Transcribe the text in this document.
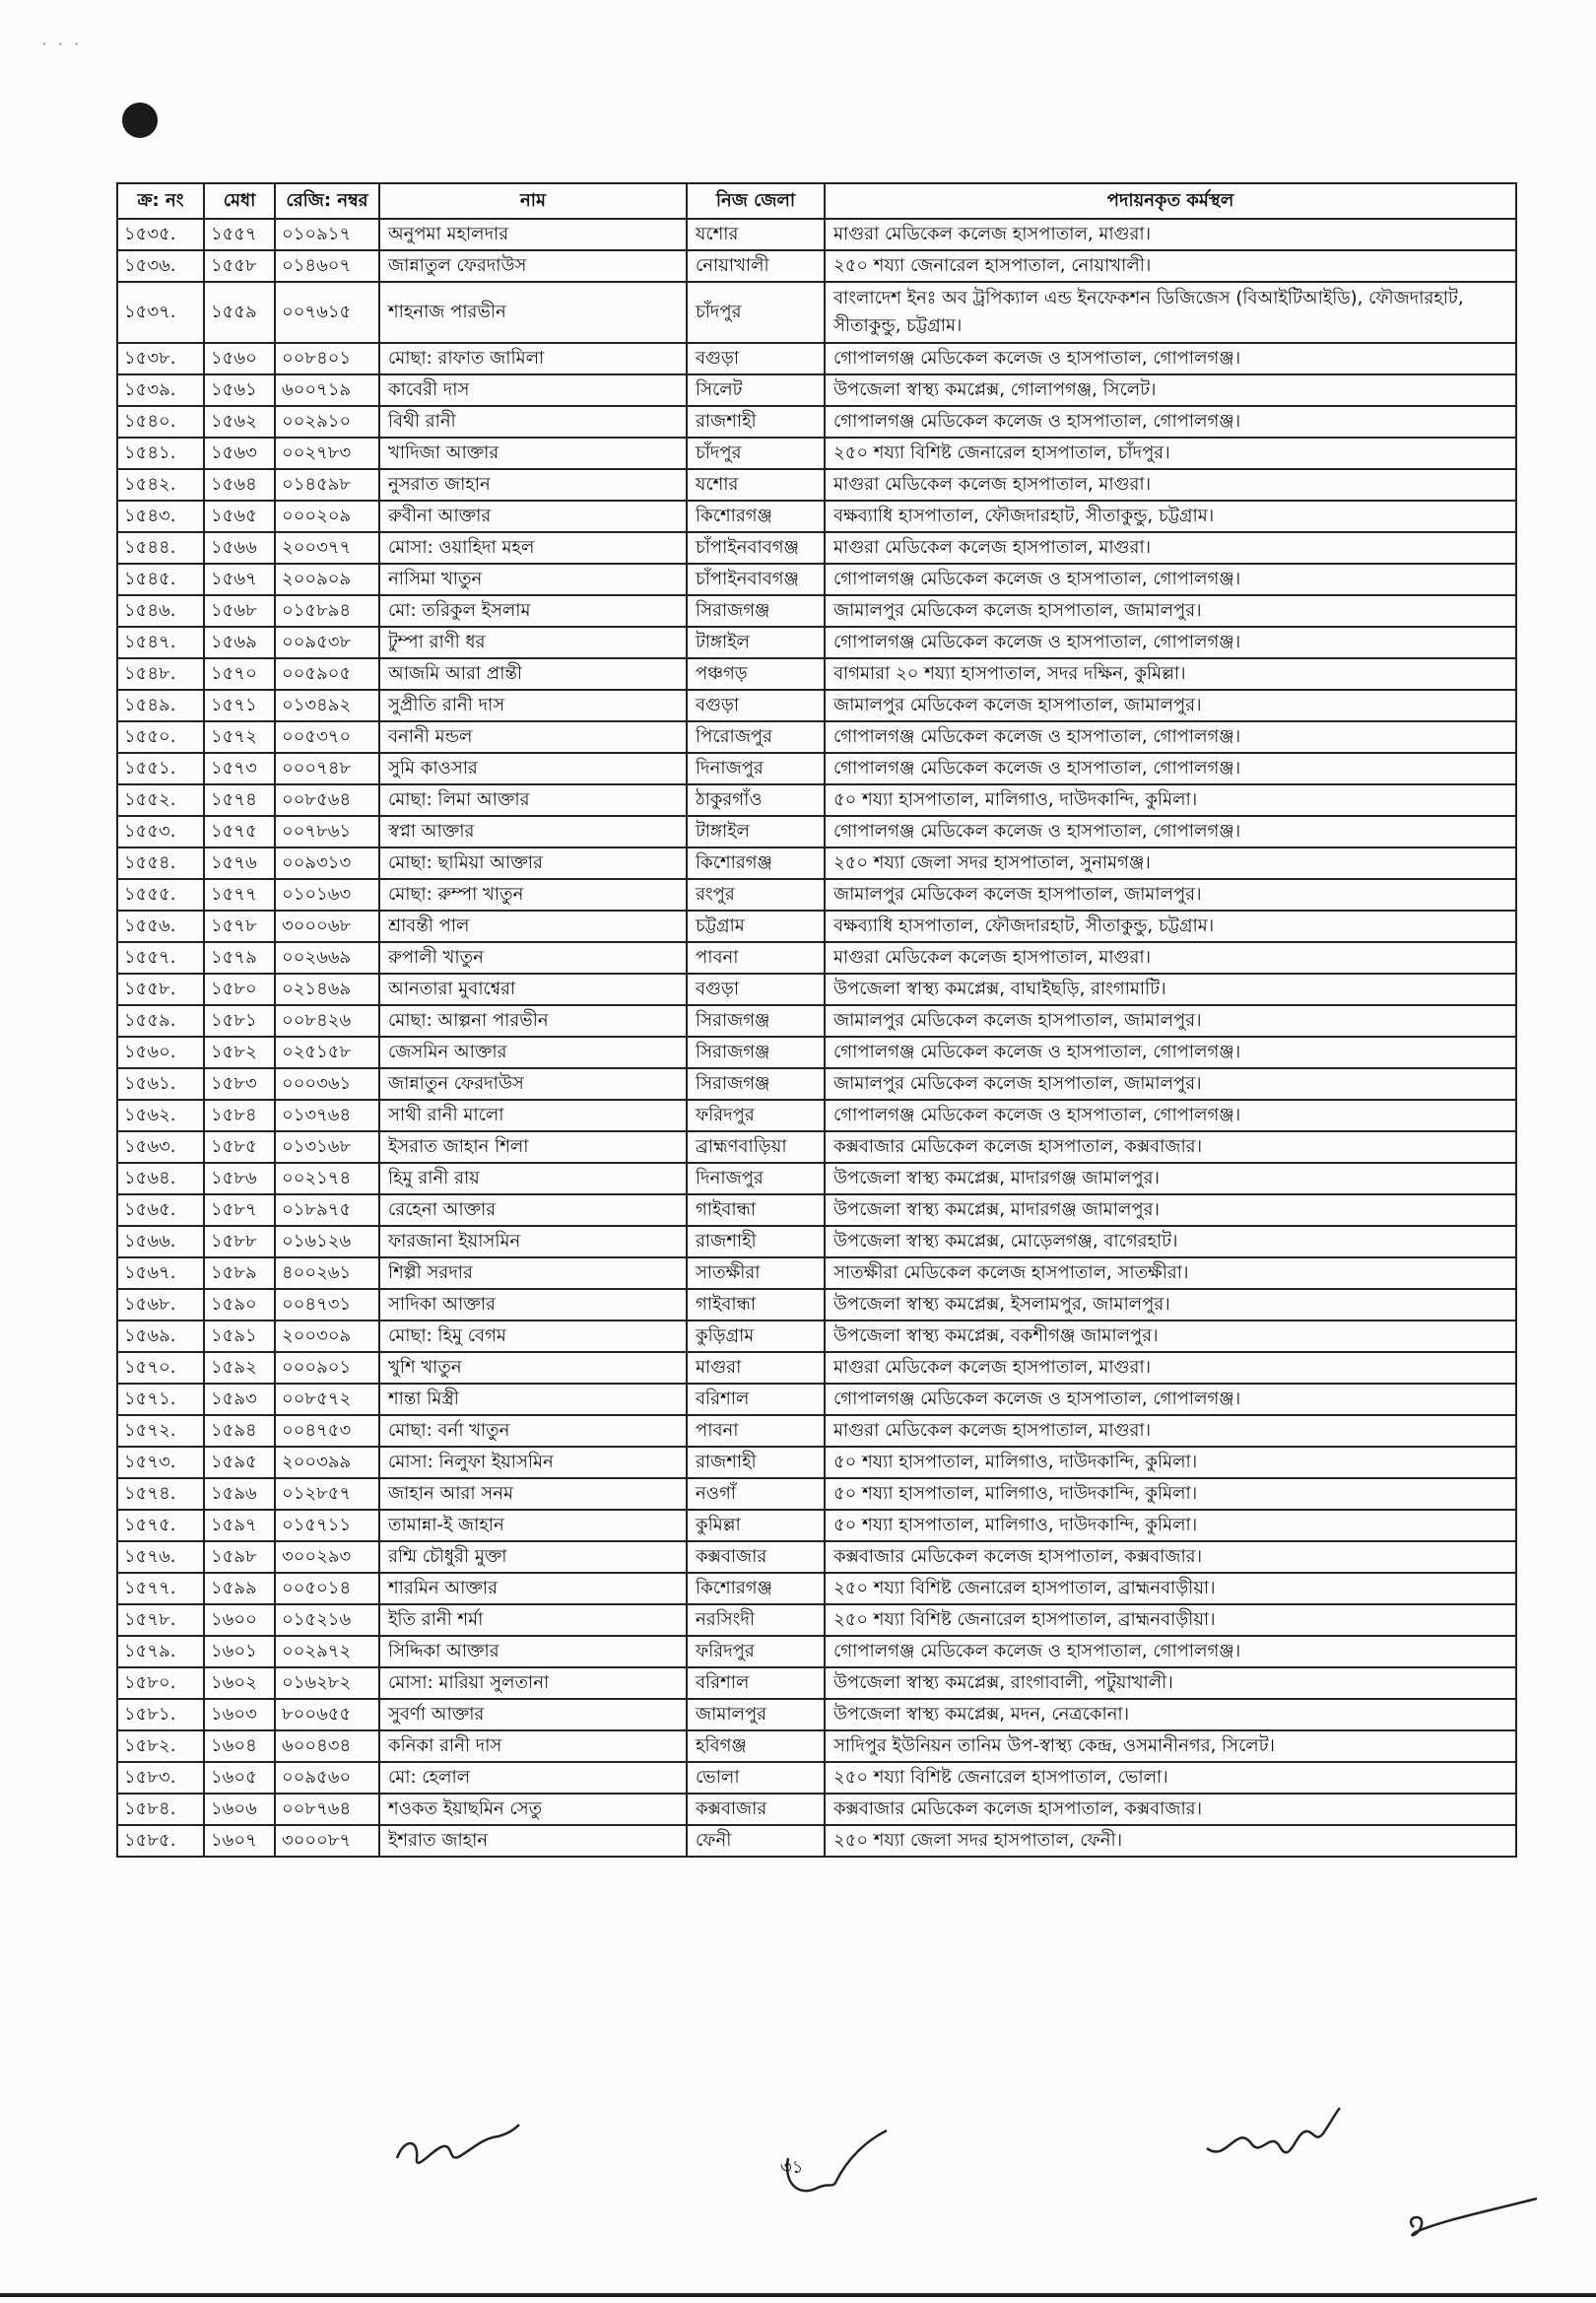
˙ ˙ ˙
ক্র: নং	মেধা	রেজি: নম্বর	নাম	নিজ জেলা	পদায়নকৃত কর্মস্থল
১৫৩৫.	১৫৫৭	০১০৯১৭	অনুপমা মহালদার	যশোর	মাগুরা মেডিকেল কলেজ হাসপাতাল, মাগুরা।
১৫৩৬.	১৫৫৮	০১৪৬০৭	জান্নাতুল ফেরদাউস	নোয়াখালী	২৫০ শয্যা জেনারেল হাসপাতাল, নোয়াখালী।
১৫৩৭.	১৫৫৯	০০৭৬১৫	শাহনাজ পারভীন	চাঁদপুর	বাংলাদেশ ইনঃ অব ট্রপিক্যাল এন্ড ইনফেকশন ডিজিজেস (বিআইটিআইডি), ফৌজদারহাট, সীতাকুন্ডু, চট্টগ্রাম।
১৫৩৮.	১৫৬০	০০৮৪০১	মোছা: রাফাত জামিলা	বগুড়া	গোপালগঞ্জ মেডিকেল কলেজ ও হাসপাতাল, গোপালগঞ্জ।
১৫৩৯.	১৫৬১	৬০০৭১৯	কাবেরী দাস	সিলেট	উপজেলা স্বাস্থ্য কমপ্লেক্স, গোলাপগঞ্জ, সিলেট।
১৫৪০.	১৫৬২	০০২৯১০	বিথী রানী	রাজশাহী	গোপালগঞ্জ মেডিকেল কলেজ ও হাসপাতাল, গোপালগঞ্জ।
১৫৪১.	১৫৬৩	০০২৭৮৩	খাদিজা আক্তার	চাঁদপুর	২৫০ শয্যা বিশিষ্ট জেনারেল হাসপাতাল, চাঁদপুর।
১৫৪২.	১৫৬৪	০১৪৫৯৮	নুসরাত জাহান	যশোর	মাগুরা মেডিকেল কলেজ হাসপাতাল, মাগুরা।
১৫৪৩.	১৫৬৫	০০০২০৯	রুবীনা আক্তার	কিশোরগঞ্জ	বক্ষব্যাধি হাসপাতাল, ফৌজদারহাট, সীতাকুন্ডু, চট্টগ্রাম।
১৫৪৪.	১৫৬৬	২০০৩৭৭	মোসা: ওয়াহিদা মহল	চাঁপাইনবাবগঞ্জ	মাগুরা মেডিকেল কলেজ হাসপাতাল, মাগুরা।
১৫৪৫.	১৫৬৭	২০০৯০৯	নাসিমা খাতুন	চাঁপাইনবাবগঞ্জ	গোপালগঞ্জ মেডিকেল কলেজ ও হাসপাতাল, গোপালগঞ্জ।
১৫৪৬.	১৫৬৮	০১৫৮৯৪	মো: তরিকুল ইসলাম	সিরাজগঞ্জ	জামালপুর মেডিকেল কলেজ হাসপাতাল, জামালপুর।
১৫৪৭.	১৫৬৯	০০৯৫৩৮	টুম্পা রাণী ধর	টাঙ্গাইল	গোপালগঞ্জ মেডিকেল কলেজ ও হাসপাতাল, গোপালগঞ্জ।
১৫৪৮.	১৫৭০	০০৫৯০৫	আজমি আরা প্রান্তী	পঞ্চগড়	বাগমারা ২০ শয্যা হাসপাতাল, সদর দক্ষিন, কুমিল্লা।
১৫৪৯.	১৫৭১	০১৩৪৯২	সুপ্রীতি রানী দাস	বগুড়া	জামালপুর মেডিকেল কলেজ হাসপাতাল, জামালপুর।
১৫৫০.	১৫৭২	০০৫৩৭০	বনানী মন্ডল	পিরোজপুর	গোপালগঞ্জ মেডিকেল কলেজ ও হাসপাতাল, গোপালগঞ্জ।
১৫৫১.	১৫৭৩	০০০৭৪৮	সুমি কাওসার	দিনাজপুর	গোপালগঞ্জ মেডিকেল কলেজ ও হাসপাতাল, গোপালগঞ্জ।
১৫৫২.	১৫৭৪	০০৮৫৬৪	মোছা: লিমা আক্তার	ঠাকুরগাঁও	৫০ শয্যা হাসপাতাল, মালিগাও, দাউদকান্দি, কুমিলা।
১৫৫৩.	১৫৭৫	০০৭৮৬১	স্বপ্না আক্তার	টাঙ্গাইল	গোপালগঞ্জ মেডিকেল কলেজ ও হাসপাতাল, গোপালগঞ্জ।
১৫৫৪.	১৫৭৬	০০৯৩১৩	মোছা: ছামিয়া আক্তার	কিশোরগঞ্জ	২৫০ শয্যা জেলা সদর হাসপাতাল, সুনামগঞ্জ।
১৫৫৫.	১৫৭৭	০১০১৬৩	মোছা: রুম্পা খাতুন	রংপুর	জামালপুর মেডিকেল কলেজ হাসপাতাল, জামালপুর।
১৫৫৬.	১৫৭৮	৩০০০৬৮	শ্রাবন্তী পাল	চট্টগ্রাম	বক্ষব্যাধি হাসপাতাল, ফৌজদারহাট, সীতাকুন্ডু, চট্টগ্রাম।
১৫৫৭.	১৫৭৯	০০২৬৬৯	রুপালী খাতুন	পাবনা	মাগুরা মেডিকেল কলেজ হাসপাতাল, মাগুরা।
১৫৫৮.	১৫৮০	০২১৪৬৯	আনতারা মুবাশ্বেরা	বগুড়া	উপজেলা স্বাস্থ্য কমপ্লেক্স, বাঘাইছড়ি, রাংগামাটি।
১৫৫৯.	১৫৮১	০০৮৪২৬	মোছা: আল্পনা পারভীন	সিরাজগঞ্জ	জামালপুর মেডিকেল কলেজ হাসপাতাল, জামালপুর।
১৫৬০.	১৫৮২	০২৫১৫৮	জেসমিন আক্তার	সিরাজগঞ্জ	গোপালগঞ্জ মেডিকেল কলেজ ও হাসপাতাল, গোপালগঞ্জ।
১৫৬১.	১৫৮৩	০০০৩৬১	জান্নাতুন ফেরদাউস	সিরাজগঞ্জ	জামালপুর মেডিকেল কলেজ হাসপাতাল, জামালপুর।
১৫৬২.	১৫৮৪	০১৩৭৬৪	সাথী রানী মালো	ফরিদপুর	গোপালগঞ্জ মেডিকেল কলেজ ও হাসপাতাল, গোপালগঞ্জ।
১৫৬৩.	১৫৮৫	০১৩১৬৮	ইসরাত জাহান শিলা	ব্রাহ্মণবাড়িয়া	কক্সবাজার মেডিকেল কলেজ হাসপাতাল, কক্সবাজার।
১৫৬৪.	১৫৮৬	০০২১৭৪	হিমু রানী রায়	দিনাজপুর	উপজেলা স্বাস্থ্য কমপ্লেক্স, মাদারগঞ্জ জামালপুর।
১৫৬৫.	১৫৮৭	০১৮৯৭৫	রেহেনা আক্তার	গাইবান্ধা	উপজেলা স্বাস্থ্য কমপ্লেক্স, মাদারগঞ্জ জামালপুর।
১৫৬৬.	১৫৮৮	০১৬১২৬	ফারজানা ইয়াসমিন	রাজশাহী	উপজেলা স্বাস্থ্য কমপ্লেক্স, মোড়েলগঞ্জ, বাগেরহাট।
১৫৬৭.	১৫৮৯	৪০০২৬১	শিল্পী সরদার	সাতক্ষীরা	সাতক্ষীরা মেডিকেল কলেজ হাসপাতাল, সাতক্ষীরা।
১৫৬৮.	১৫৯০	০০৪৭৩১	সাদিকা আক্তার	গাইবান্ধা	উপজেলা স্বাস্থ্য কমপ্লেক্স, ইসলামপুর, জামালপুর।
১৫৬৯.	১৫৯১	২০০৩০৯	মোছা: হিমু বেগম	কুড়িগ্রাম	উপজেলা স্বাস্থ্য কমপ্লেক্স, বকশীগঞ্জ জামালপুর।
১৫৭০.	১৫৯২	০০০৯০১	খুশি খাতুন	মাগুরা	মাগুরা মেডিকেল কলেজ হাসপাতাল, মাগুরা।
১৫৭১.	১৫৯৩	০০৮৫৭২	শান্তা মিস্ত্রী	বরিশাল	গোপালগঞ্জ মেডিকেল কলেজ ও হাসপাতাল, গোপালগঞ্জ।
১৫৭২.	১৫৯৪	০০৪৭৫৩	মোছা: বর্না খাতুন	পাবনা	মাগুরা মেডিকেল কলেজ হাসপাতাল, মাগুরা।
১৫৭৩.	১৫৯৫	২০০৩৯৯	মোসা: নিলুফা ইয়াসমিন	রাজশাহী	৫০ শয্যা হাসপাতাল, মালিগাও, দাউদকান্দি, কুমিলা।
১৫৭৪.	১৫৯৬	০১২৮৫৭	জাহান আরা সনম	নওগাঁ	৫০ শয্যা হাসপাতাল, মালিগাও, দাউদকান্দি, কুমিলা।
১৫৭৫.	১৫৯৭	০১৫৭১১	তামান্না-ই জাহান	কুমিল্লা	৫০ শয্যা হাসপাতাল, মালিগাও, দাউদকান্দি, কুমিলা।
১৫৭৬.	১৫৯৮	৩০০২৯৩	রশ্মি চৌধুরী মুক্তা	কক্সবাজার	কক্সবাজার মেডিকেল কলেজ হাসপাতাল, কক্সবাজার।
১৫৭৭.	১৫৯৯	০০৫০১৪	শারমিন আক্তার	কিশোরগঞ্জ	২৫০ শয্যা বিশিষ্ট জেনারেল হাসপাতাল, ব্রাহ্মনবাড়ীয়া।
১৫৭৮.	১৬০০	০১৫২১৬	ইতি রানী শর্মা	নরসিংদী	২৫০ শয্যা বিশিষ্ট জেনারেল হাসপাতাল, ব্রাহ্মনবাড়ীয়া।
১৫৭৯.	১৬০১	০০২৯৭২	সিদ্দিকা আক্তার	ফরিদপুর	গোপালগঞ্জ মেডিকেল কলেজ ও হাসপাতাল, গোপালগঞ্জ।
১৫৮০.	১৬০২	০১৬২৮২	মোসা: মারিয়া সুলতানা	বরিশাল	উপজেলা স্বাস্থ্য কমপ্লেক্স, রাংগাবালী, পটুয়াখালী।
১৫৮১.	১৬০৩	৮০০৬৫৫	সুবর্ণা আক্তার	জামালপুর	উপজেলা স্বাস্থ্য কমপ্লেক্স, মদন, নেত্রকোনা।
১৫৮২.	১৬০৪	৬০০৪৩৪	কনিকা রানী দাস	হবিগঞ্জ	সাদিপুর ইউনিয়ন তানিম উপ-স্বাস্থ্য কেন্দ্র, ওসমানীনগর, সিলেট।
১৫৮৩.	১৬০৫	০০৯৫৬০	মো: হেলাল	ভোলা	২৫০ শয্যা বিশিষ্ট জেনারেল হাসপাতাল, ভোলা।
১৫৮৪.	১৬০৬	০০৮৭৬৪	শওকত ইয়াছমিন সেতু	কক্সবাজার	কক্সবাজার মেডিকেল কলেজ হাসপাতাল, কক্সবাজার।
১৫৮৫.	১৬০৭	৩০০০৮৭	ইশরাত জাহান	ফেনী	২৫০ শয্যা জেলা সদর হাসপাতাল, ফেনী।
৩১
